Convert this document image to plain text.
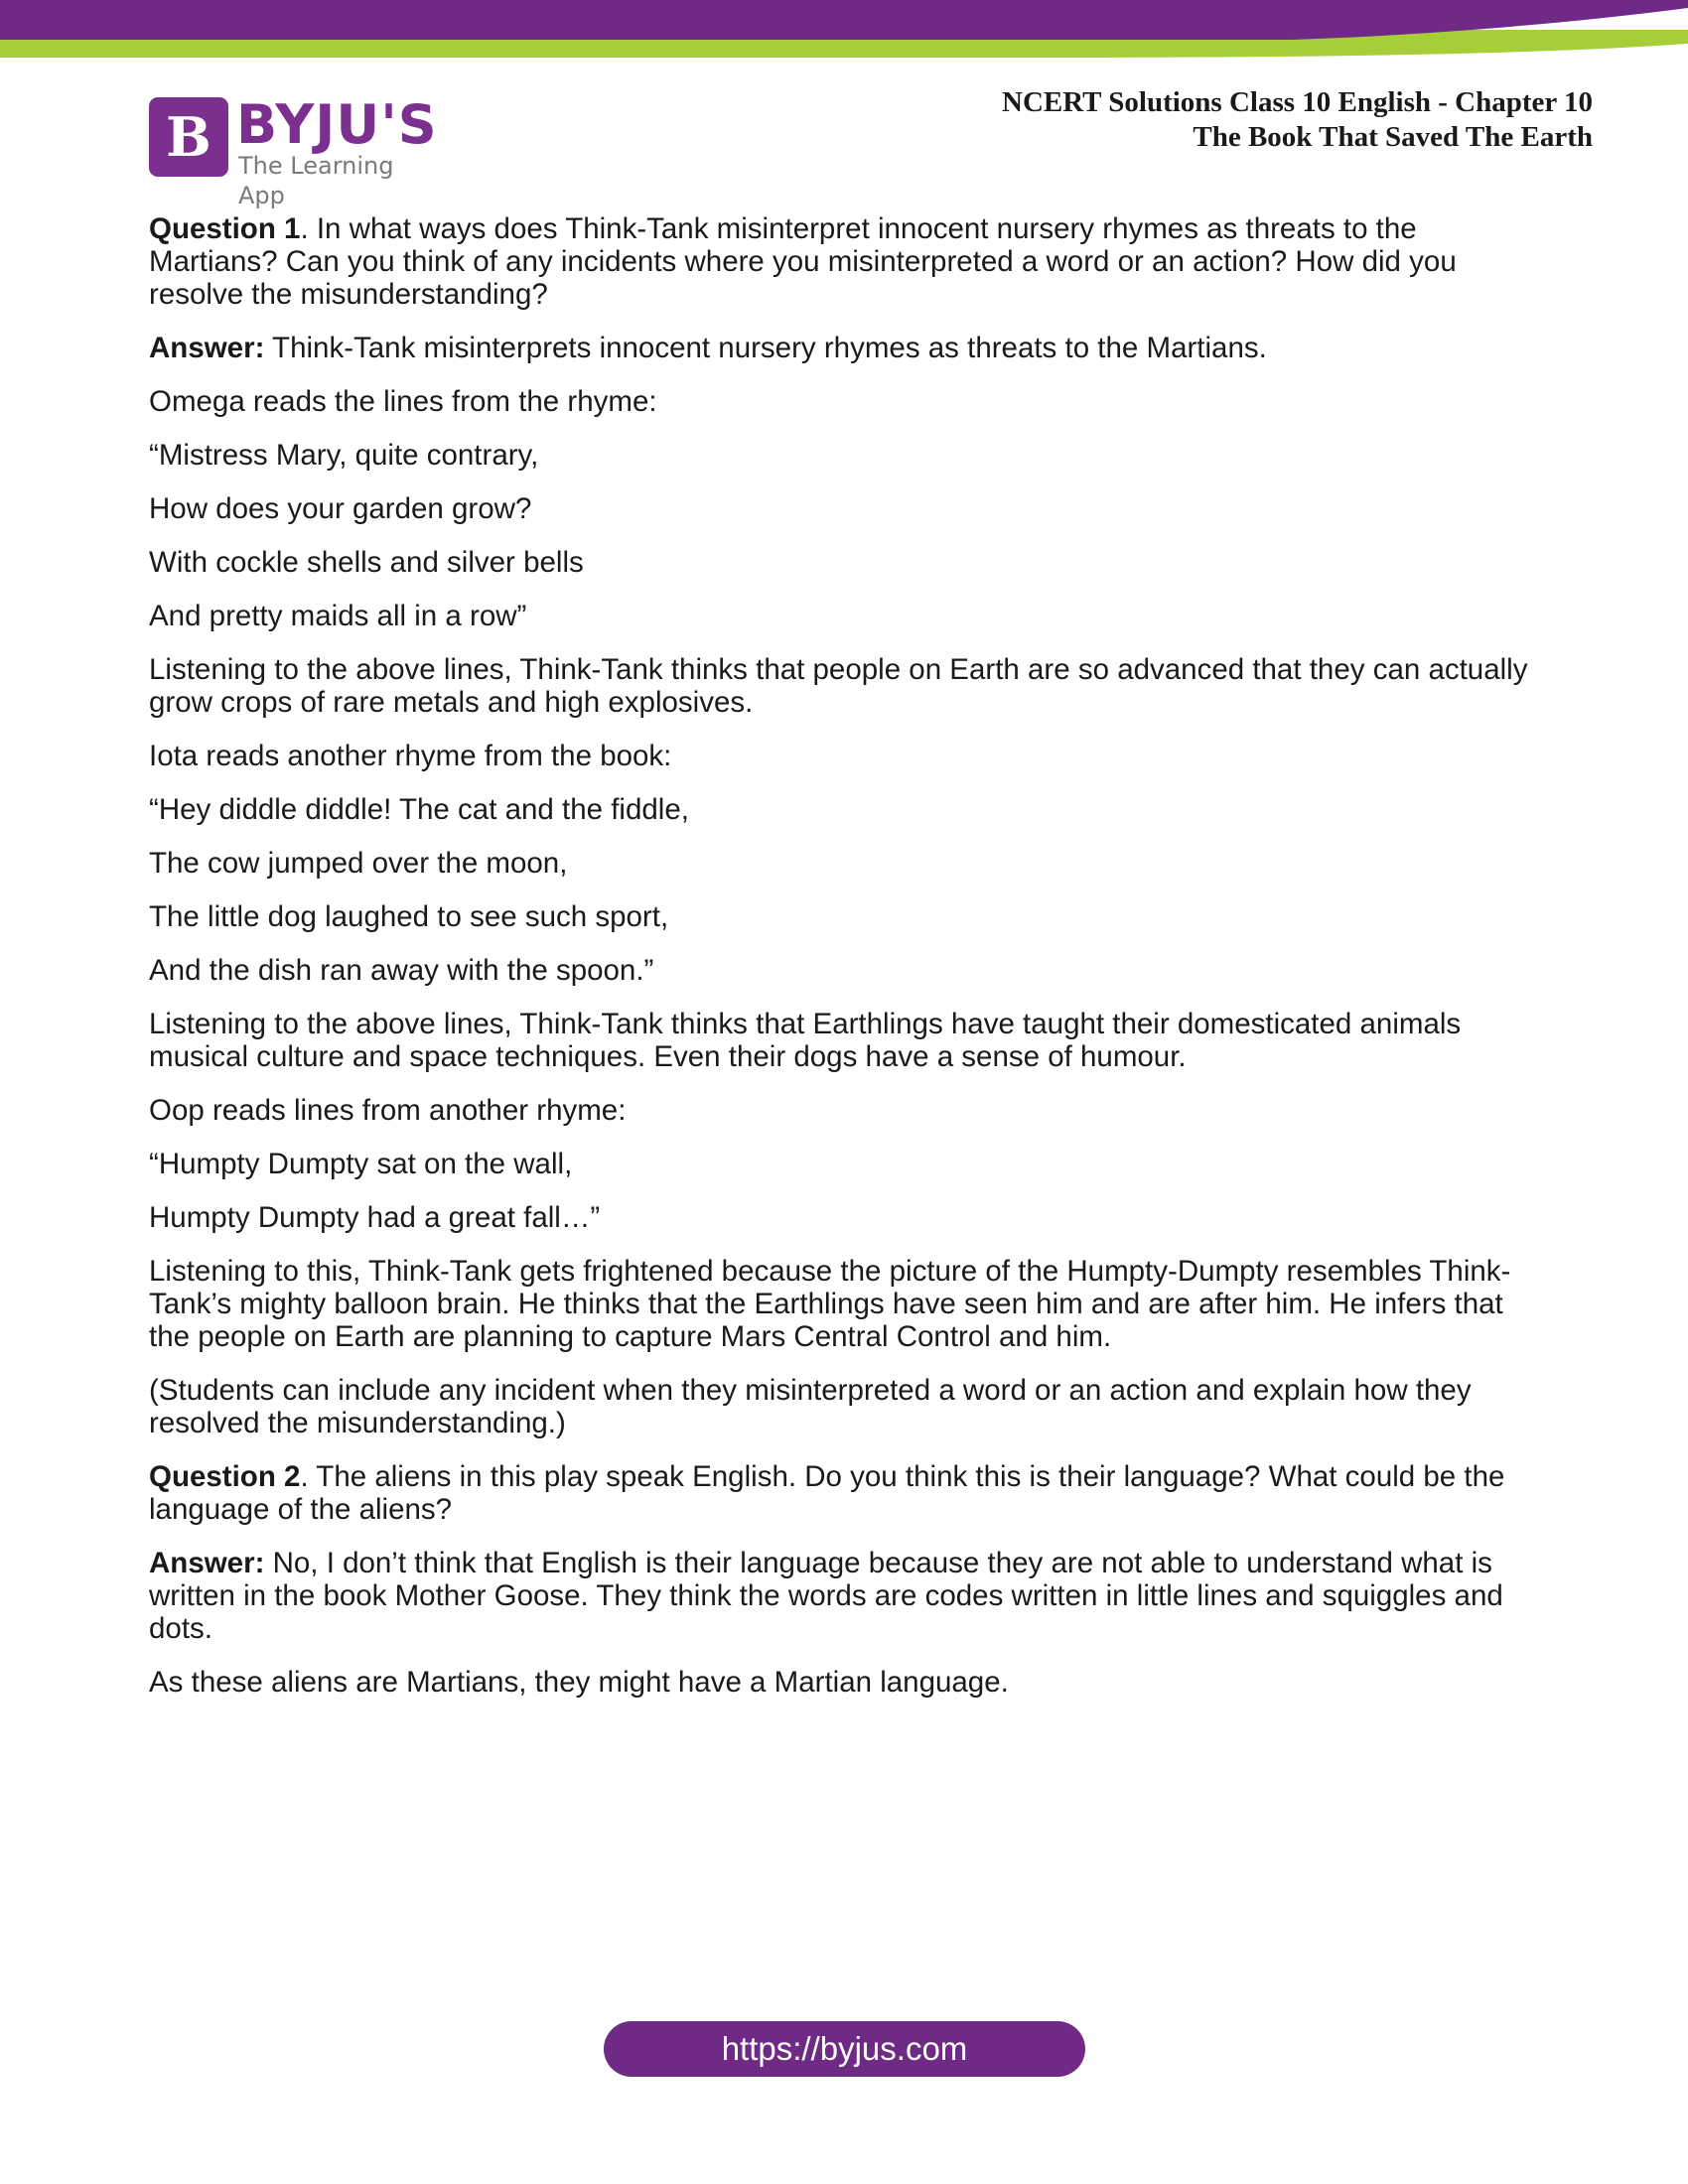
B BYJU'S
The Learning App
NCERT Solutions Class 10 English - Chapter 10
The Book That Saved The Earth

Question 1. In what ways does Think-Tank misinterpret innocent nursery rhymes as threats to the Martians? Can you think of any incidents where you misinterpreted a word or an action? How did you resolve the misunderstanding?

Answer: Think-Tank misinterprets innocent nursery rhymes as threats to the Martians.

Omega reads the lines from the rhyme:

“Mistress Mary, quite contrary,

How does your garden grow?

With cockle shells and silver bells

And pretty maids all in a row”

Listening to the above lines, Think-Tank thinks that people on Earth are so advanced that they can actually grow crops of rare metals and high explosives.

Iota reads another rhyme from the book:

“Hey diddle diddle! The cat and the fiddle,

The cow jumped over the moon,

The little dog laughed to see such sport,

And the dish ran away with the spoon.”

Listening to the above lines, Think-Tank thinks that Earthlings have taught their domesticated animals musical culture and space techniques. Even their dogs have a sense of humour.

Oop reads lines from another rhyme:

“Humpty Dumpty sat on the wall,

Humpty Dumpty had a great fall…”

Listening to this, Think-Tank gets frightened because the picture of the Humpty-Dumpty resembles Think-Tank’s mighty balloon brain. He thinks that the Earthlings have seen him and are after him. He infers that the people on Earth are planning to capture Mars Central Control and him.

(Students can include any incident when they misinterpreted a word or an action and explain how they resolved the misunderstanding.)

Question 2. The aliens in this play speak English. Do you think this is their language? What could be the language of the aliens?

Answer: No, I don’t think that English is their language because they are not able to understand what is written in the book Mother Goose. They think the words are codes written in little lines and squiggles and dots.

As these aliens are Martians, they might have a Martian language.

https://byjus.com
